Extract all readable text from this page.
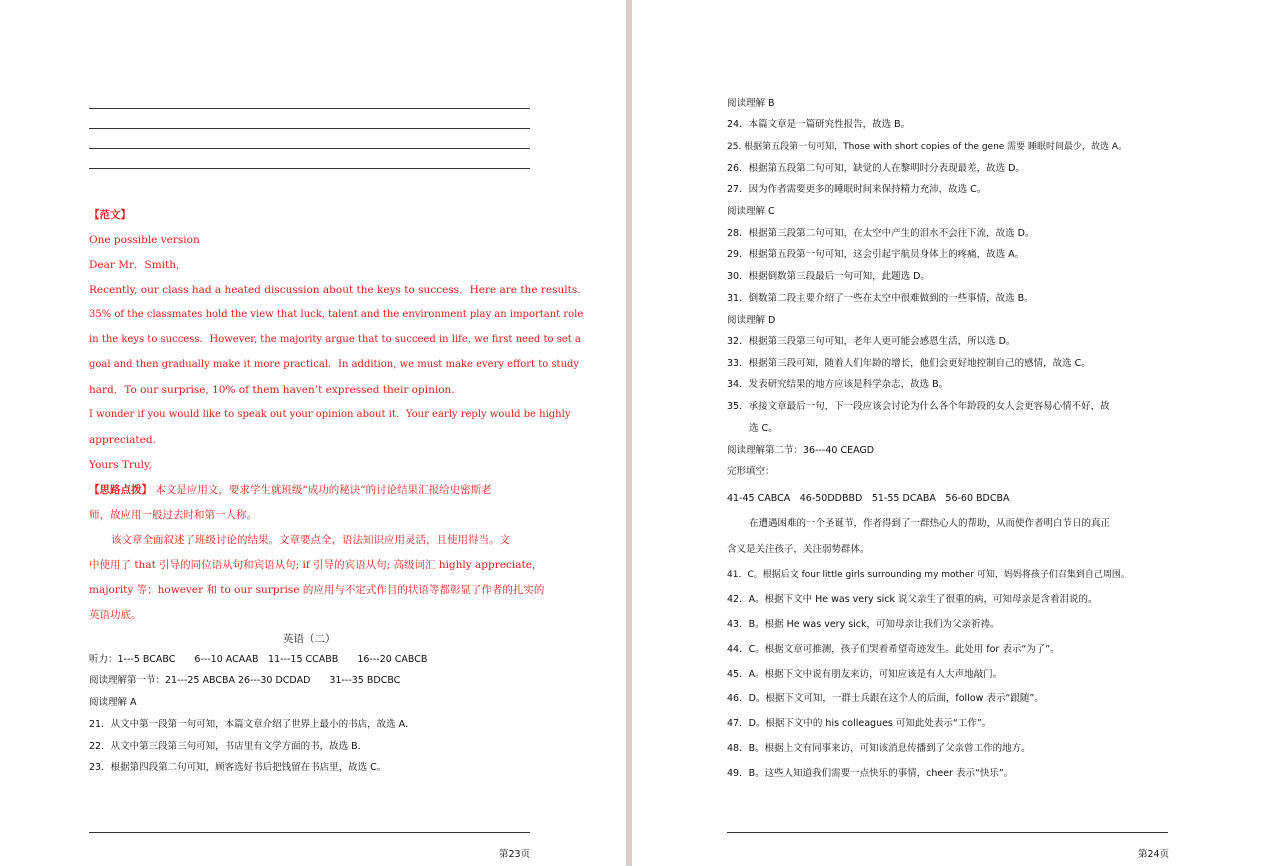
【范文】
One possible version
Dear Mr．Smith,
Recently, our class had a heated discussion about the keys to success．Here are the results.
35% of the classmates hold the view that luck, talent and the environment play an important role
in the keys to success．However, the majority argue that to succeed in life, we first need to set a
goal and then gradually make it more practical．In addition, we must make every effort to study
hard．To our surprise, 10% of them haven’t expressed their opinion.
I wonder if you would like to speak out your opinion about it．Your early reply would be highly
appreciated.
Yours Truly,
【思路点拨】 本文是应用文，要求学生就班级“成功的秘诀”的讨论结果汇报给史密斯老
师，故应用一般过去时和第一人称。
该文章全面叙述了班级讨论的结果。文章要点全，语法知识应用灵活，且使用得当。文
中使用了 that 引导的同位语从句和宾语从句; if 引导的宾语从句; 高级词汇 highly appreciate，
majority 等；however 和 to our surprise 的应用与不定式作目的状语等都彰显了作者的扎实的
英语功底。
英语（二）
听力：1---5 BCABC　　6---10 ACAAB　11---15 CCABB　　16---20 CABCB
阅读理解第一节：21---25 ABCBA 26---30 DCDAD　　31---35 BDCBC
阅读理解 A
21．从文中第一段第一句可知，本篇文章介绍了世界上最小的书店，故选 A．
22．从文中第三段第三句可知，书店里有文学方面的书，故选 B．
23．根据第四段第二句可知，顾客选好书后把钱留在书店里，故选 C。
第23页
阅读理解 B
24．本篇文章是一篇研究性报告，故选 B。
25. 根据第五段第一句可知，Those with short copies of the gene 需要 睡眠时间最少，故选 A。
26．根据第五段第二句可知，缺觉的人在黎明时分表现最差，故选 D。
27．因为作者需要更多的睡眠时间来保持精力充沛，故选 C。
阅读理解 C
28．根据第三段第二句可知，在太空中产生的泪水不会往下流，故选 D。
29．根据第五段第一句可知，这会引起宇航员身体上的疼痛，故选 A。
30．根据倒数第三段最后一句可知，此题选 D。
31．倒数第二段主要介绍了一些在太空中很难做到的一些事情，故选 B。
阅读理解 D
32．根据第三段第三句可知，老年人更可能会感恩生活，所以选 D。
33．根据第三段可知，随着人们年龄的增长，他们会更好地控制自己的感情，故选 C。
34．发表研究结果的地方应该是科学杂志，故选 B。
35．承接文章最后一句，下一段应该会讨论为什么各个年龄段的女人会更容易心情不好，故
选 C。
阅读理解第二节：36---40 CEAGD
完形填空：
41-45 CABCA　46-50DDBBD　51-55 DCABA　56-60 BDCBA
在遭遇困难的一个圣诞节，作者得到了一群热心人的帮助，从而使作者明白节日的真正
含义是关注孩子，关注弱势群体。
41．C。根据后文 four little girls surrounding my mother 可知，妈妈将孩子们召集到自己周围。
42．A。根据下文中 He was very sick 说父亲生了很重的病，可知母亲是含着泪说的。
43．B。根据 He was very sick，可知母亲让我们为父亲祈祷。
44．C。根据文章可推测，孩子们哭着希望奇迹发生。此处用 for 表示“为了”。
45．A。根据下文中说有朋友来访，可知应该是有人大声地敲门。
46．D。根据下文可知，一群士兵跟在这个人的后面，follow 表示“跟随”。
47．D。根据下文中的 his colleagues 可知此处表示“工作”。
48．B。根据上文有同事来访，可知该消息传播到了父亲曾工作的地方。
49．B。这些人知道我们需要一点快乐的事情，cheer 表示“快乐”。
第24页
